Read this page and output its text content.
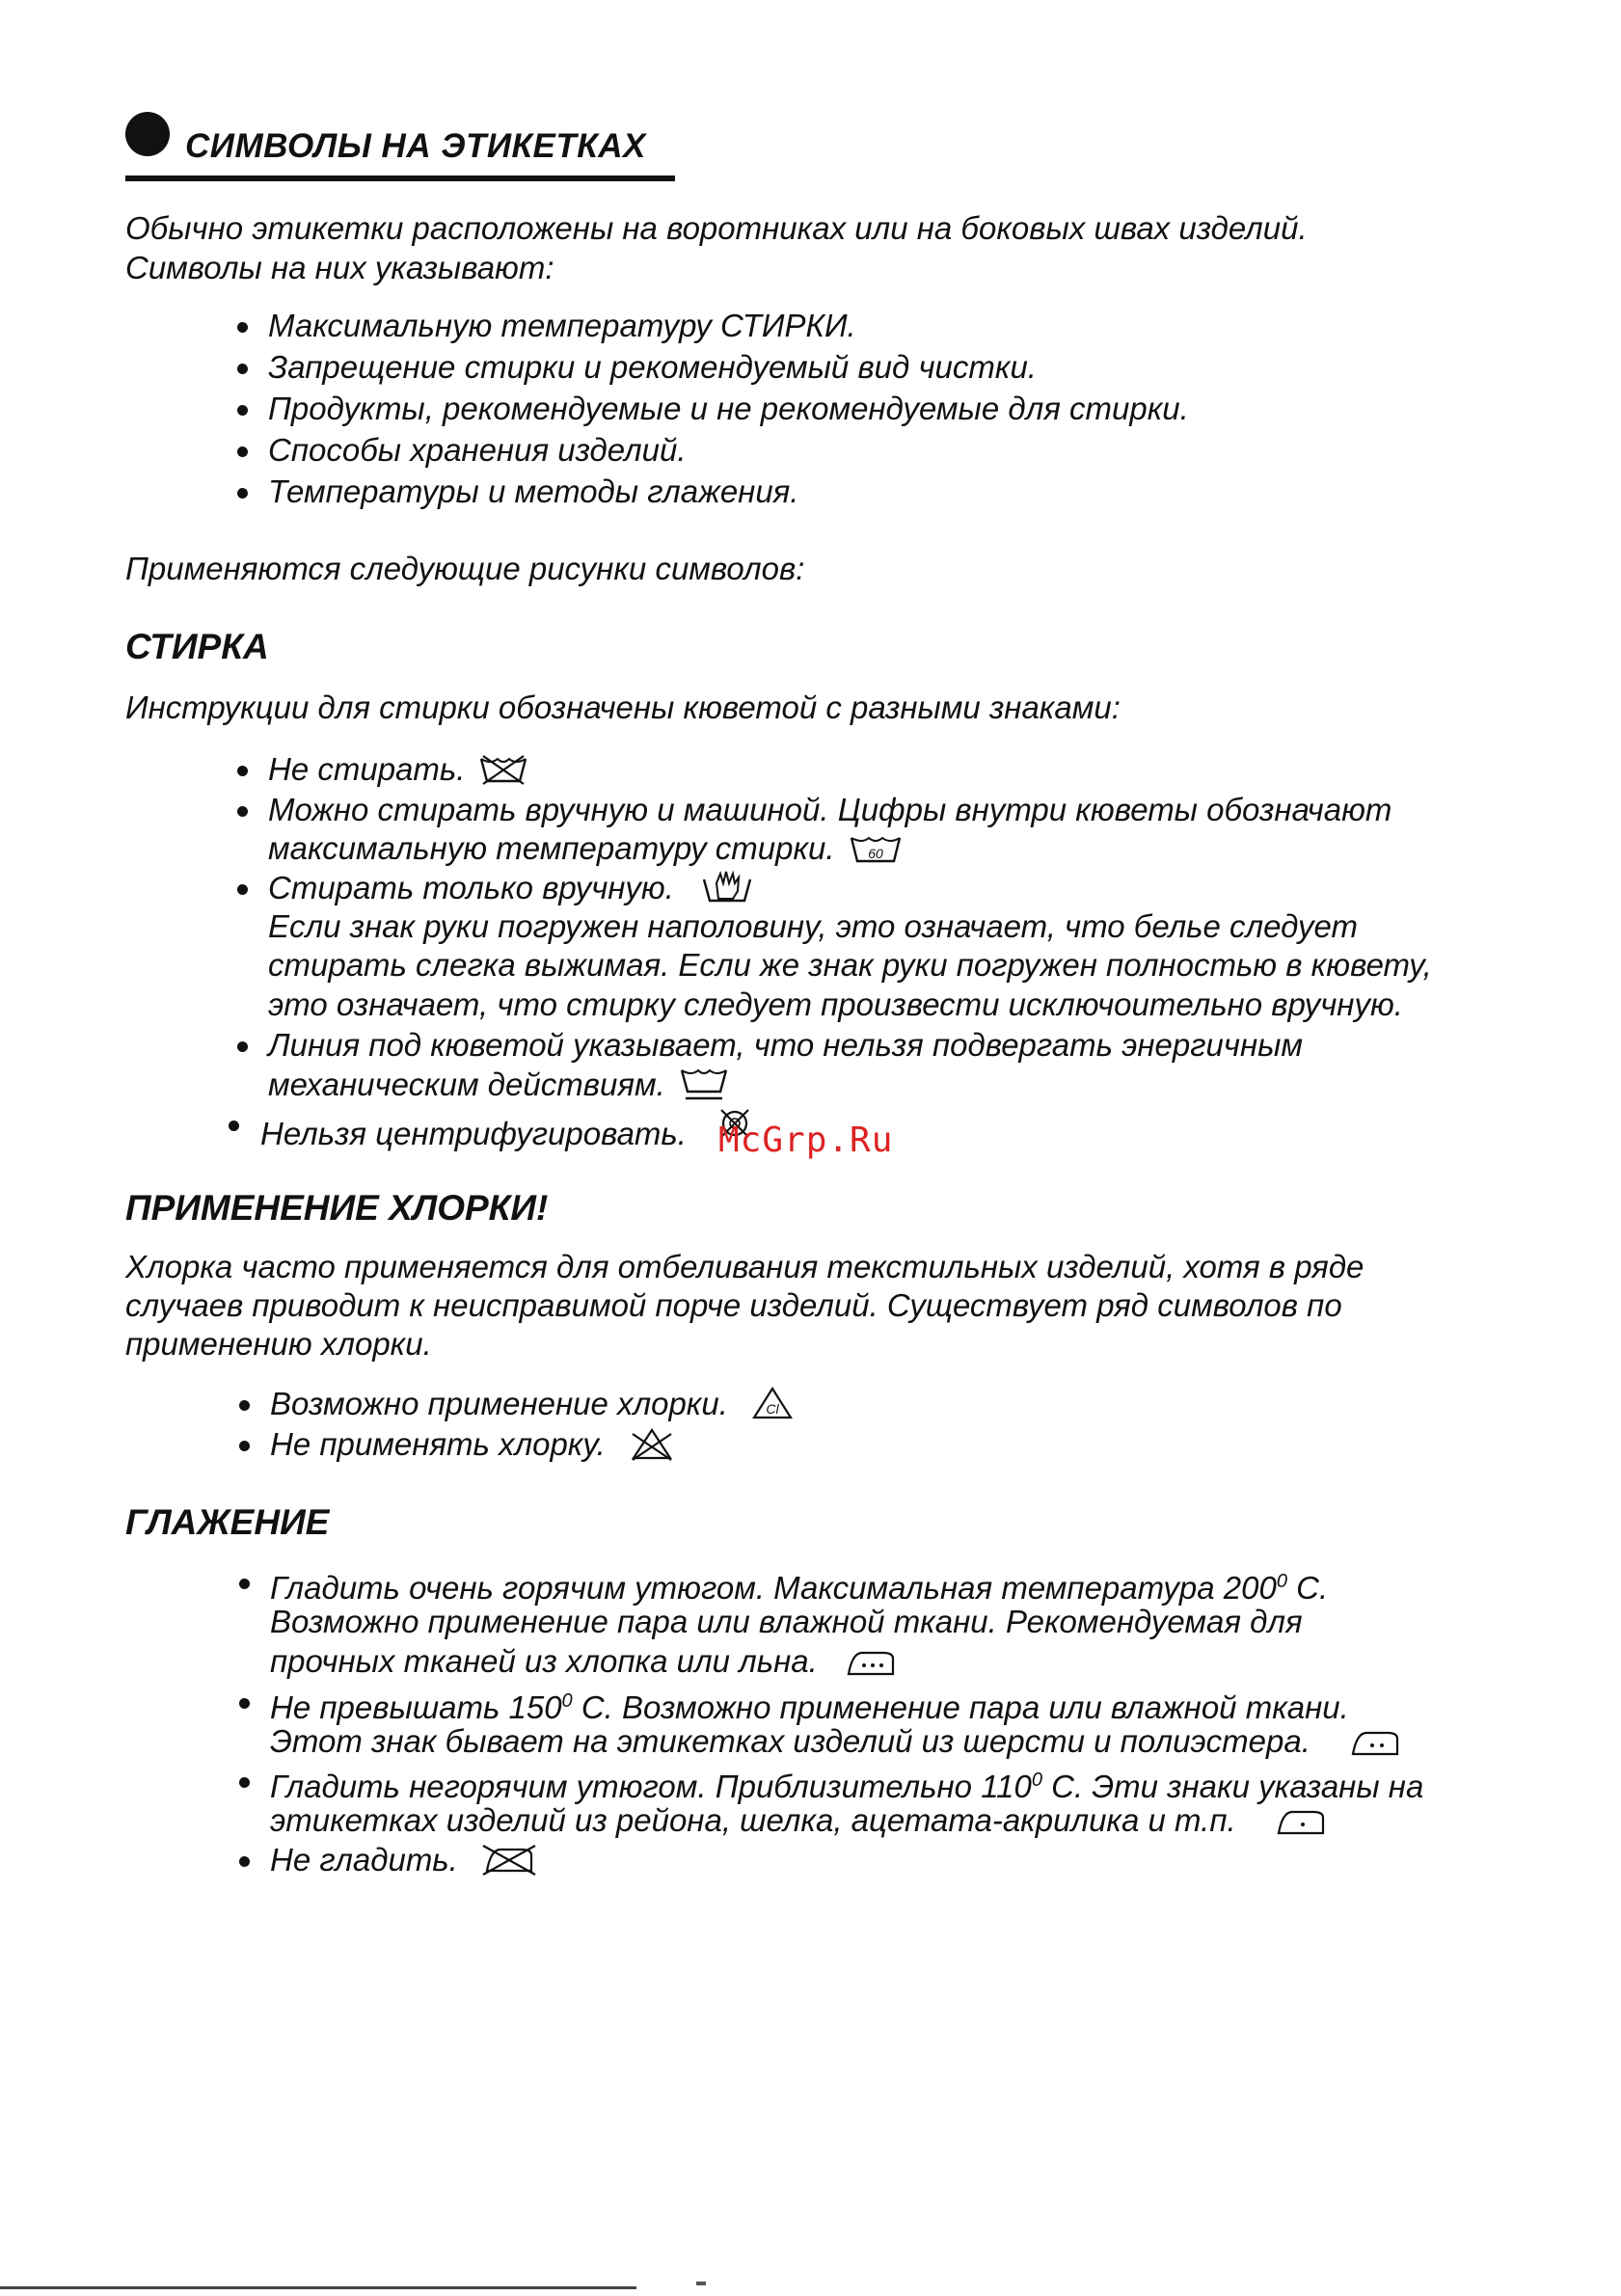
СИМВОЛЫ НА ЭТИКЕТКАХ
Обычно этикетки расположены на воротниках или на боковых швах изделий.
Символы на них указывают:
Максимальную температуру СТИРКИ.
Запрещение стирки и рекомендуемый вид чистки.
Продукты, рекомендуемые и не рекомендуемые для стирки.
Способы хранения изделий.
Температуры и методы глажения.
Применяются следующие рисунки символов:
СТИРКА
Инструкции для стирки обозначены кюветой с разными знаками:
Не стирать.
Можно стирать вручную и машиной. Цифры внутри кюветы обозначают
максимальную температуру стирки. 60
Стирать только вручную.
Если знак руки погружен наполовину, это означает, что белье следует
стирать слегка выжимая. Если же знак руки погружен полностью в кювету,
это означает, что стирку следует произвести исключоительно вручную.
Линия под кюветой указывает, что нельзя подвергать энергичным
механическим действиям.
Нельзя центрифугировать. McGrp.Ru
ПРИМЕНЕНИЕ ХЛОРКИ!
Хлорка часто применяется для отбеливания текстильных изделий, хотя в ряде
случаев приводит к неисправимой порче изделий. Существует ряд символов по
применению хлорки.
Возможно применение хлорки.	Cl
Не применять хлорку.
ГЛАЖЕНИЕ
Гладить очень горячим утюгом. Максимальная температура $200^0$ С.
Возможно применение пара или влажной ткани. Рекомендуемая для
прочных тканей из хлопка или льна.
Не превышать $150^0$ С. Возможно применение пара или влажной ткани.
Этот знак бывает на этикетках изделий из шерсти и полиэстера.
Гладить негорячим утюгом. Приблизительно $110^0$ С. Эти знаки указаны на
этикетках изделий из рейона, шелка, ацетата-акрилика и т.п.
Не гладить.
